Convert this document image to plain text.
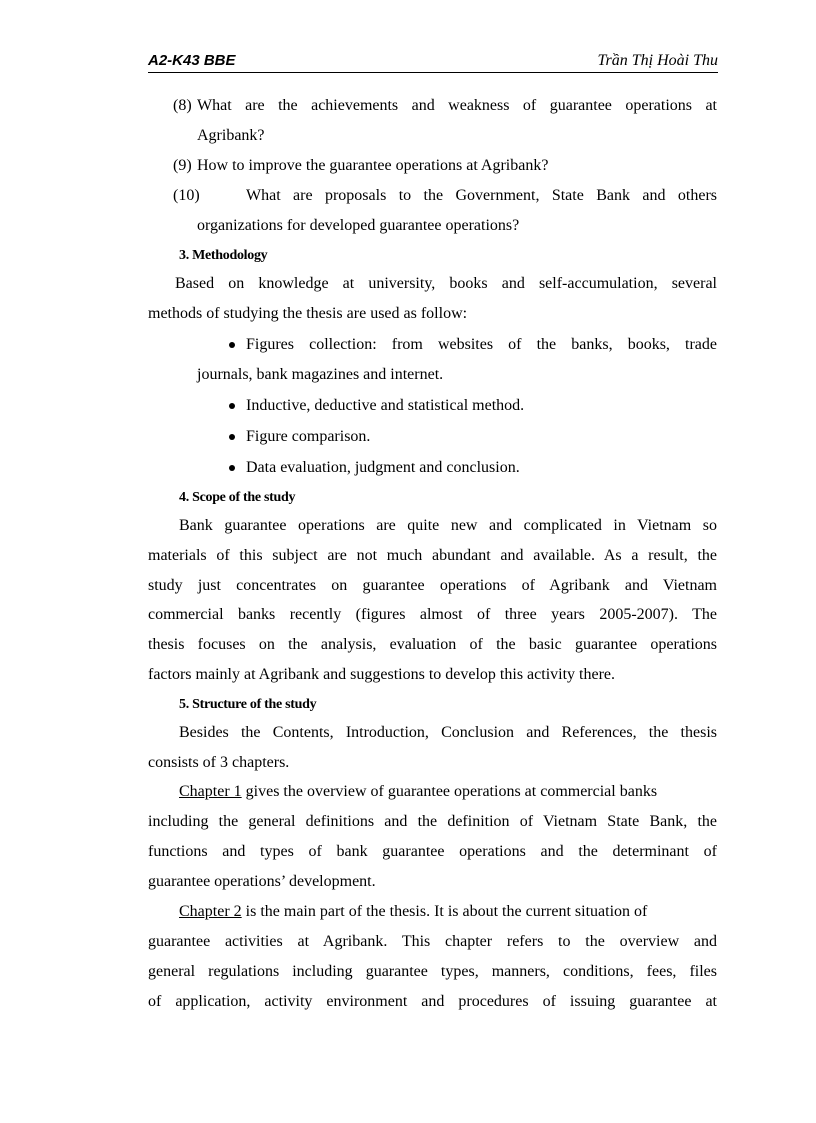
A2-K43 BBE	Trần Thị Hoài Thu
(8) What are the achievements and weakness of guarantee operations at
Agribank?
(9) How to improve the guarantee operations at Agribank?
(10)	What are proposals to the Government, State Bank and others
organizations for developed guarantee operations?
3. Methodology
Based on knowledge at university, books and self-accumulation, several
methods of studying the thesis are used as follow:
Figures collection: from websites of the banks, books, trade
journals, bank magazines and internet.
Inductive, deductive and statistical method.
Figure comparison.
Data evaluation, judgment and conclusion.
4. Scope of the study
Bank guarantee operations are quite new and complicated in Vietnam so
materials of this subject are not much abundant and available. As a result, the
study just concentrates on guarantee operations of Agribank and Vietnam
commercial banks recently (figures almost of three years 2005-2007). The
thesis focuses on the analysis, evaluation of the basic guarantee operations
factors mainly at Agribank and suggestions to develop this activity there.
5. Structure of the study
Besides the Contents, Introduction, Conclusion and References, the thesis
consists of 3 chapters.
Chapter 1 gives the overview of guarantee operations at commercial banks
including the general definitions and the definition of Vietnam State Bank, the
functions and types of bank guarantee operations and the determinant of
guarantee operations’ development.
Chapter 2 is the main part of the thesis. It is about the current situation of
guarantee activities at Agribank. This chapter refers to the overview and
general regulations including guarantee types, manners, conditions, fees, files
of application, activity environment and procedures of issuing guarantee at
